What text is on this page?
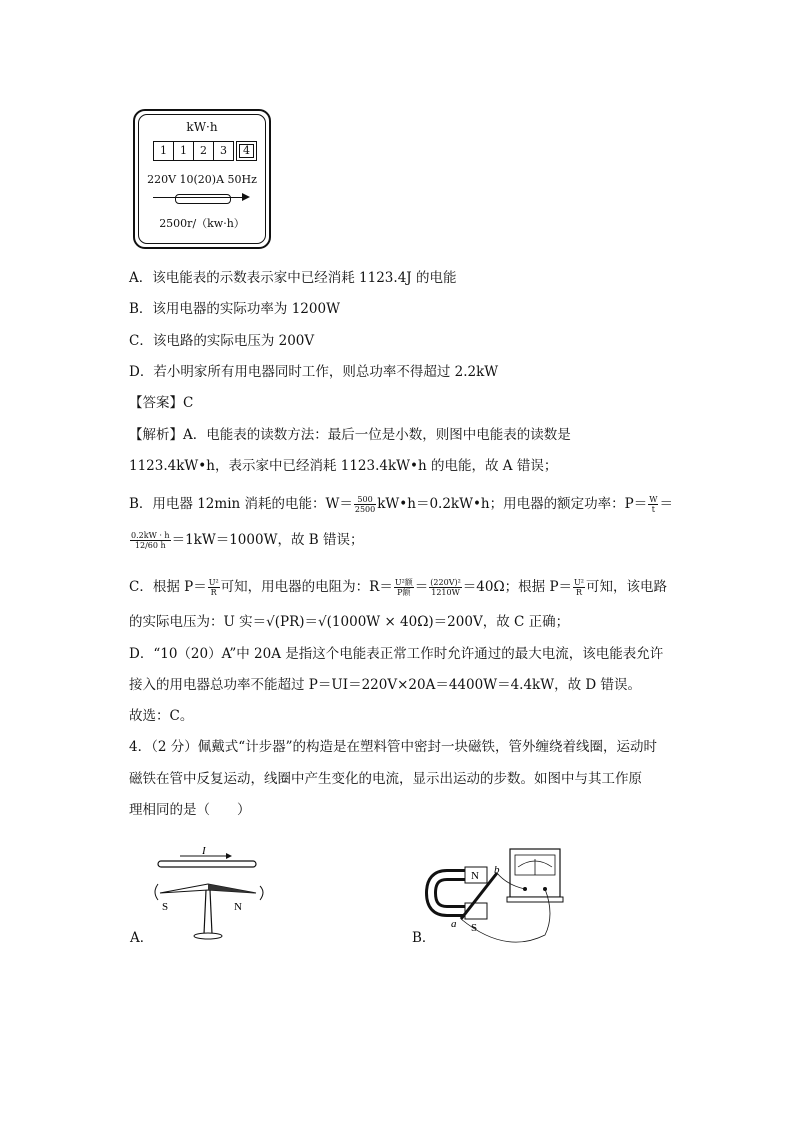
kW·h
1	1	2	3	4
220V 10(20)A 50Hz
2500r/（kw·h）
A．该电能表的示数表示家中已经消耗 1123.4J 的电能
B．该用电器的实际功率为 1200W
C．该电路的实际电压为 200V
D．若小明家所有用电器同时工作，则总功率不得超过 2.2kW
【答案】C
【解析】A．电能表的读数方法：最后一位是小数，则图中电能表的读数是
1123.4kW•h，表示家中已经消耗 1123.4kW•h 的电能，故 A 错误；
B．用电器 12min 消耗的电能：$W= \frac{500}{2500}$ kW•h＝0.2kW•h；用电器的额定功率：$P= \frac{W}{t}$ ＝
$\frac{0.2kW \cdot h}{12/60 h} =1kW=1000W$，故 B 错误；
C．根据 $P= \frac{\text{U²}}{R}$ 可知，用电器的电阻为：$R= \frac{\text{U²额}}{\text{P额}} = \frac{\text{(220V)²}}{1210W} =40\Omega$；根据 $P= \frac{\text{U²}}{R}$ 可知，该电路
的实际电压为：U 实＝√(PR)＝√(1000W × 40Ω)＝200V，故 C 正确；
D．“10（20）A”中 20A 是指这个电能表正常工作时允许通过的最大电流，该电能表允许
接入的用电器总功率不能超过 P＝UI＝220V×20A＝4400W＝4.4kW，故 D 错误。
故选：C。
4．（2 分）佩戴式“计步器”的构造是在塑料管中密封一块磁铁，管外缠绕着线圈，运动时
磁铁在管中反复运动，线圈中产生变化的电流，显示出运动的步数。如图中与其工作原
理相同的是（　　）
I
S	N
A．
N
S
a
b
B．
